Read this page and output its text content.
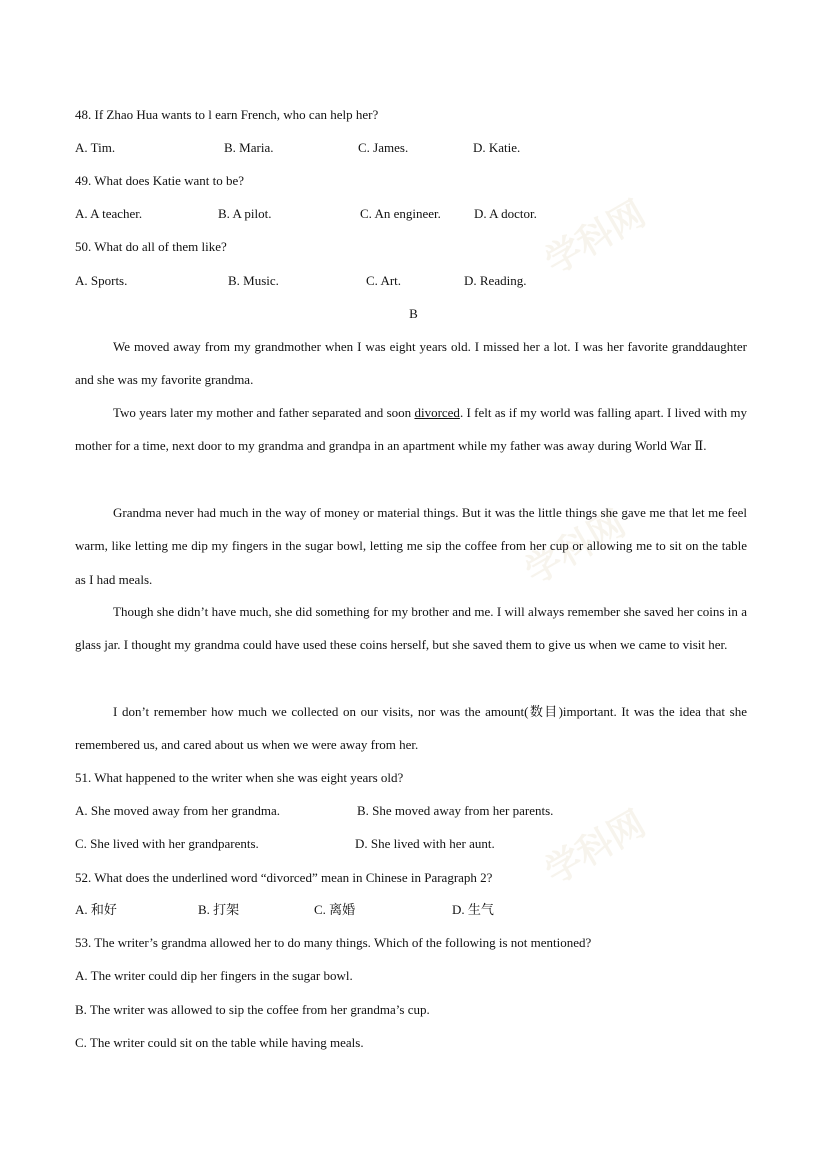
学科网
学科网
学科网
48. If Zhao Hua wants to l earn French, who can help her?
A. Tim.	B. Maria.	C. James.	D. Katie.
49. What does Katie want to be?
A. A teacher.	B. A pilot.	C. An engineer.	D. A doctor.
50. What do all of them like?
A. Sports.	B. Music.	C. Art.	D. Reading.
B
We moved away from my grandmother when I was eight years old. I missed her a lot. I was her favorite granddaughter and she was my favorite grandma.
Two years later my mother and father separated and soon divorced. I felt as if my world was falling apart. I lived with my mother for a time, next door to my grandma and grandpa in an apartment while my father was away during World War Ⅱ.
Grandma never had much in the way of money or material things. But it was the little things she gave me that let me feel warm, like letting me dip my fingers in the sugar bowl, letting me sip the coffee from her cup or allowing me to sit on the table as I had meals.
Though she didn’t have much, she did something for my brother and me. I will always remember she saved her coins in a glass jar. I thought my grandma could have used these coins herself, but she saved them to give us when we came to visit her.
I don’t remember how much we collected on our visits, nor was the amount(数目)important. It was the idea that she remembered us, and cared about us when we were away from her.
51. What happened to the writer when she was eight years old?
A. She moved away from her grandma.	B. She moved away from her parents.
C. She lived with her grandparents.	D. She lived with her aunt.
52. What does the underlined word “divorced” mean in Chinese in Paragraph 2?
A. 和好	B. 打架	C. 离婚	D. 生气
53. The writer’s grandma allowed her to do many things. Which of the following is not mentioned?
A. The writer could dip her fingers in the sugar bowl.
B. The writer was allowed to sip the coffee from her grandma’s cup.
C. The writer could sit on the table while having meals.
